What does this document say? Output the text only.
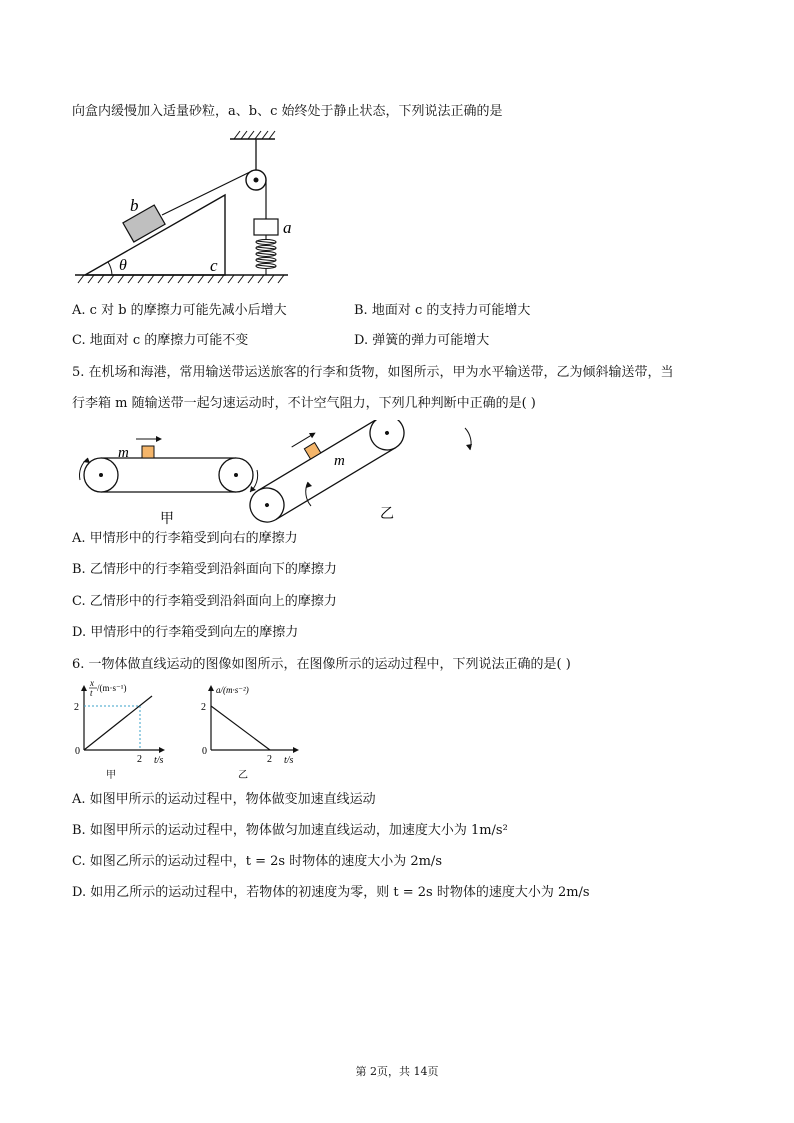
向盒内缓慢加入适量砂粒，a、b、c 始终处于静止状态，下列说法正确的是
b
a
c
θ
A. c 对 b 的摩擦力可能先减小后增大	B. 地面对 c 的支持力可能增大
C. 地面对 c 的摩擦力可能不变	D. 弹簧的弹力可能增大
5. 在机场和海港，常用输送带运送旅客的行李和货物，如图所示，甲为水平输送带，乙为倾斜输送带，当
行李箱 m 随输送带一起匀速运动时，不计空气阻力，下列几种判断中正确的是( )
m
甲
m
乙
A. 甲情形中的行李箱受到向右的摩擦力
B. 乙情形中的行李箱受到沿斜面向下的摩擦力
C. 乙情形中的行李箱受到沿斜面向上的摩擦力
D. 甲情形中的行李箱受到向左的摩擦力
6. 一物体做直线运动的图像如图所示，在图像所示的运动过程中，下列说法正确的是( )
x
t /(m·s⁻¹)
2
0
2 t/s
甲
a/(m·s⁻²)
2
0
2 t/s
乙
A. 如图甲所示的运动过程中，物体做变加速直线运动
B. 如图甲所示的运动过程中，物体做匀加速直线运动，加速度大小为 1m/s²
C. 如图乙所示的运动过程中，t = 2s 时物体的速度大小为 2m/s
D. 如用乙所示的运动过程中，若物体的初速度为零，则 t = 2s 时物体的速度大小为 2m/s
第 2页，共 14页
